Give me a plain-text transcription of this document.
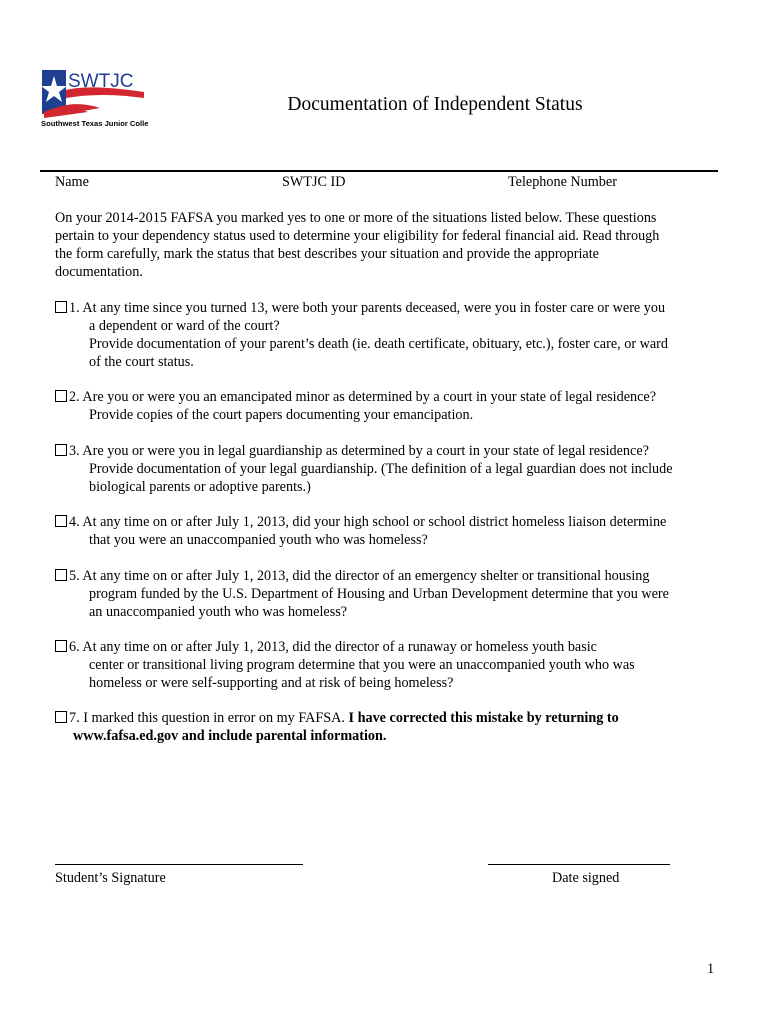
SWTJC
Southwest Texas Junior College
Documentation of Independent Status
Name	SWTJC ID	Telephone Number
On your 2014-2015 FAFSA you marked yes to one or more of the situations listed below. These questions
pertain to your dependency status used to determine your eligibility for federal financial aid. Read through
the form carefully, mark the status that best describes your situation and provide the appropriate
documentation.
1. At any time since you turned 13, were both your parents deceased, were you in foster care or were you
a dependent or ward of the court?
Provide documentation of your parent’s death (ie. death certificate, obituary, etc.), foster care, or ward
of the court status.
2. Are you or were you an emancipated minor as determined by a court in your state of legal residence?
Provide copies of the court papers documenting your emancipation.
3. Are you or were you in legal guardianship as determined by a court in your state of legal residence?
Provide documentation of your legal guardianship. (The definition of a legal guardian does not include
biological parents or adoptive parents.)
4. At any time on or after July 1, 2013, did your high school or school district homeless liaison determine
that you were an unaccompanied youth who was homeless?
5. At any time on or after July 1, 2013, did the director of an emergency shelter or transitional housing
program funded by the U.S. Department of Housing and Urban Development determine that you were
an unaccompanied youth who was homeless?
6. At any time on or after July 1, 2013, did the director of a runaway or homeless youth basic
center or transitional living program determine that you were an unaccompanied youth who was
homeless or were self-supporting and at risk of being homeless?
7. I marked this question in error on my FAFSA. I have corrected this mistake by returning to
www.fafsa.ed.gov and include parental information.
Student’s Signature	Date signed
1
